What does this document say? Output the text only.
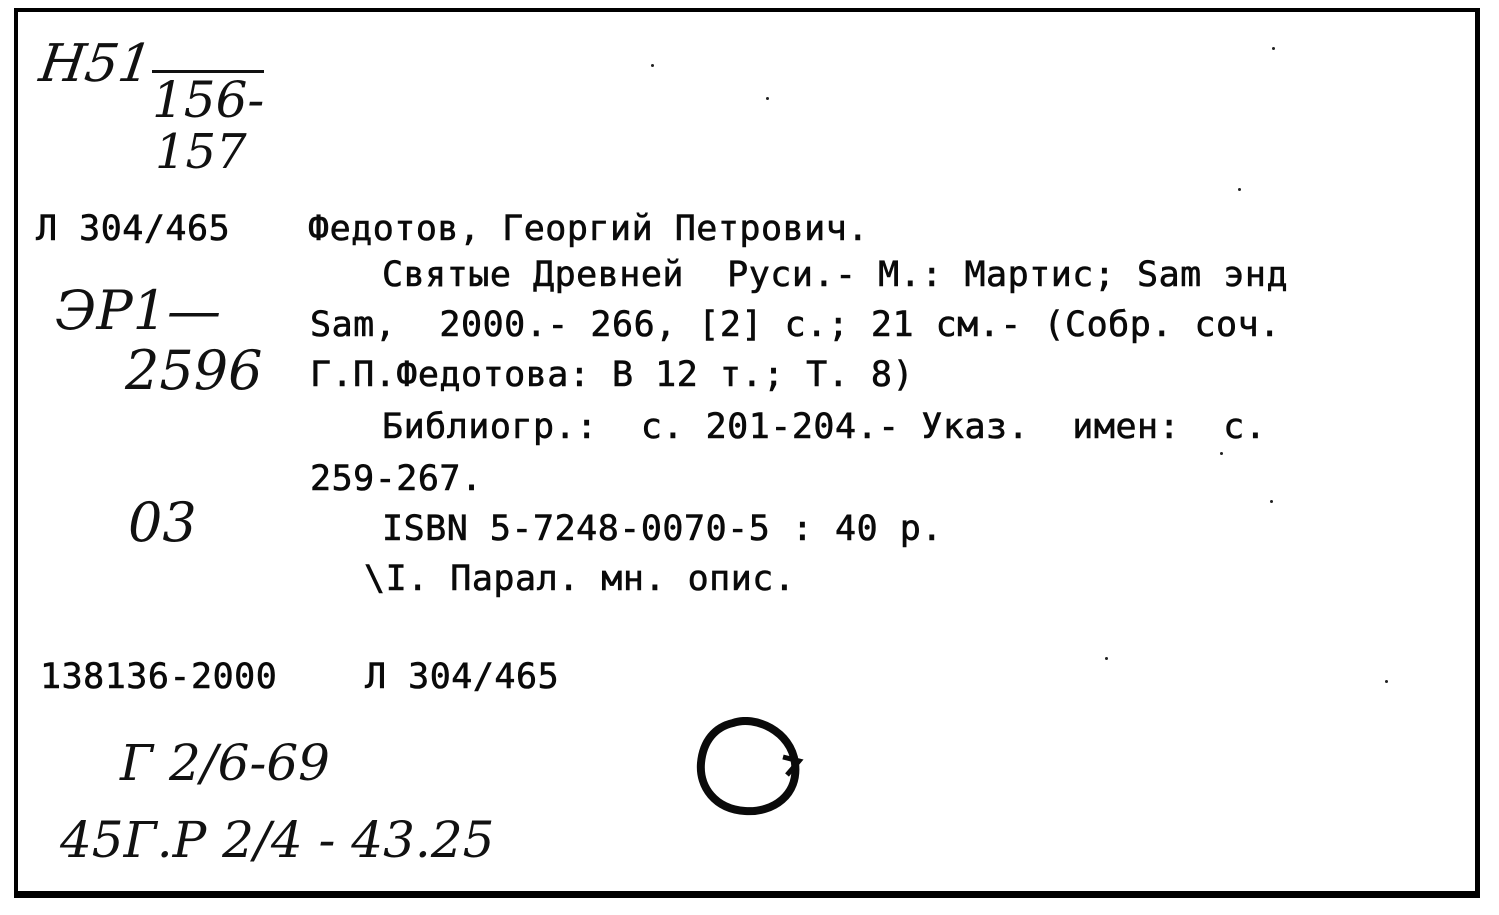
H51
156-
157
Л 304/465
ЭР1—
2596
03
Федотов, Георгий Петрович.
Святые Древней  Руси.- М.: Мартис; Sam энд
Sam,  2000.- 266, [2] с.; 21 см.- (Собр. соч.
Г.П.Федотова: В 12 т.; Т. 8)
Библиогр.:  с. 201-204.- Указ.  имен:  с.
259-267.
ISBN 5-7248-0070-5 : 40 р.
\I. Парал. мн. опис.
138136-2000	Л 304/465
Г 2/6-69
45Г.Р 2/4 - 43.25
